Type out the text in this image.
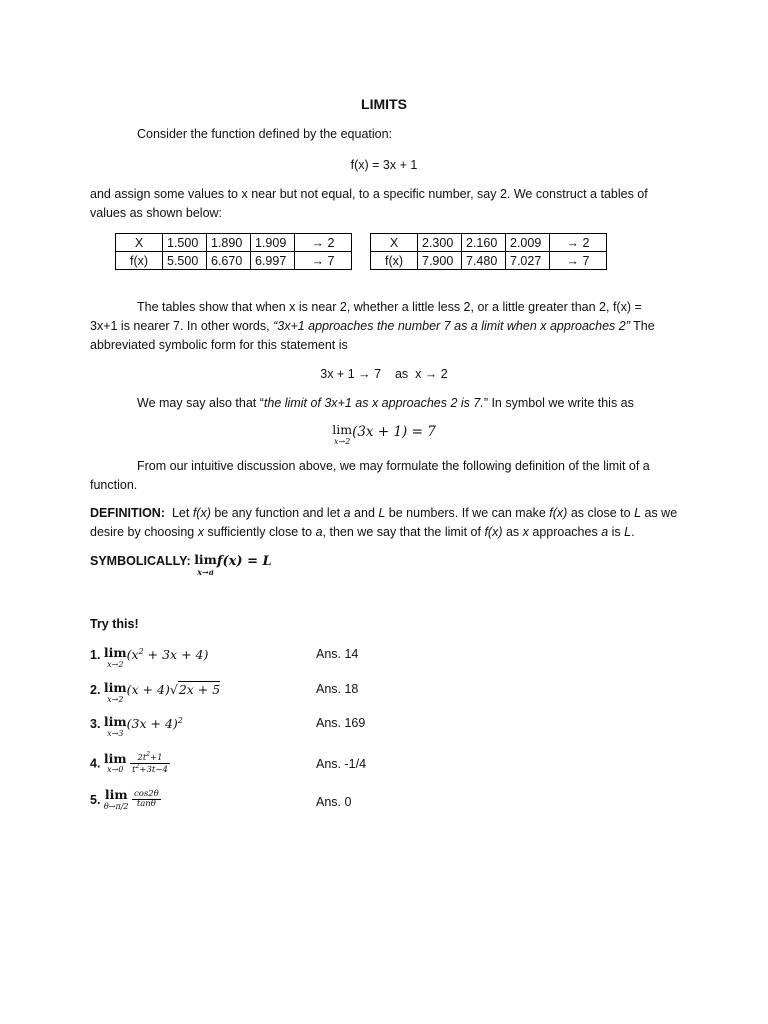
LIMITS
Consider the function defined by the equation:
f(x) = 3x + 1
and assign some values to x near but not equal, to a specific number, say 2. We construct a tables of
values as shown below:
X	1.500	1.890	1.909	→ 2
f(x)	5.500	6.670	6.997	→ 7
X	2.300	2.160	2.009	→ 2
f(x)	7.900	7.480	7.027	→ 7
The tables show that when x is near 2, whether a little less 2, or a little greater than 2, f(x) =
3x+1 is nearer 7. In other words, “3x+1 approaches the number 7 as a limit when x approaches 2” The
abbreviated symbolic form for this statement is
3x + 1 → 7    as  x → 2
We may say also that “the limit of 3x+1 as x approaches 2 is 7.” In symbol we write this as
lim
x→2
(3x + 1) = 7
From our intuitive discussion above, we may formulate the following definition of the limit of a
function.
DEFINITION:  Let f(x) be any function and let a and L be numbers. If we can make f(x) as close to L as we
desire by choosing x sufficiently close to a, then we say that the limit of f(x) as x approaches a is L.
SYMBOLICALLY: lim
x→a
f(x) = L
Try this!
1. lim
x→2
$(x^2 + 3x + 4)$	Ans. 14
2. lim
x→2
(x + 4)√2x + 5	Ans. 18
3. lim
x→3
$(3x + 4)^2$	Ans. 169
4. lim
x→0
$\frac{2t^2+1}{t^2+3t-4}$	Ans. -1/4
5. lim
θ→π/2
$\frac{\cos 2\theta}{\tan\theta}$	Ans. 0
